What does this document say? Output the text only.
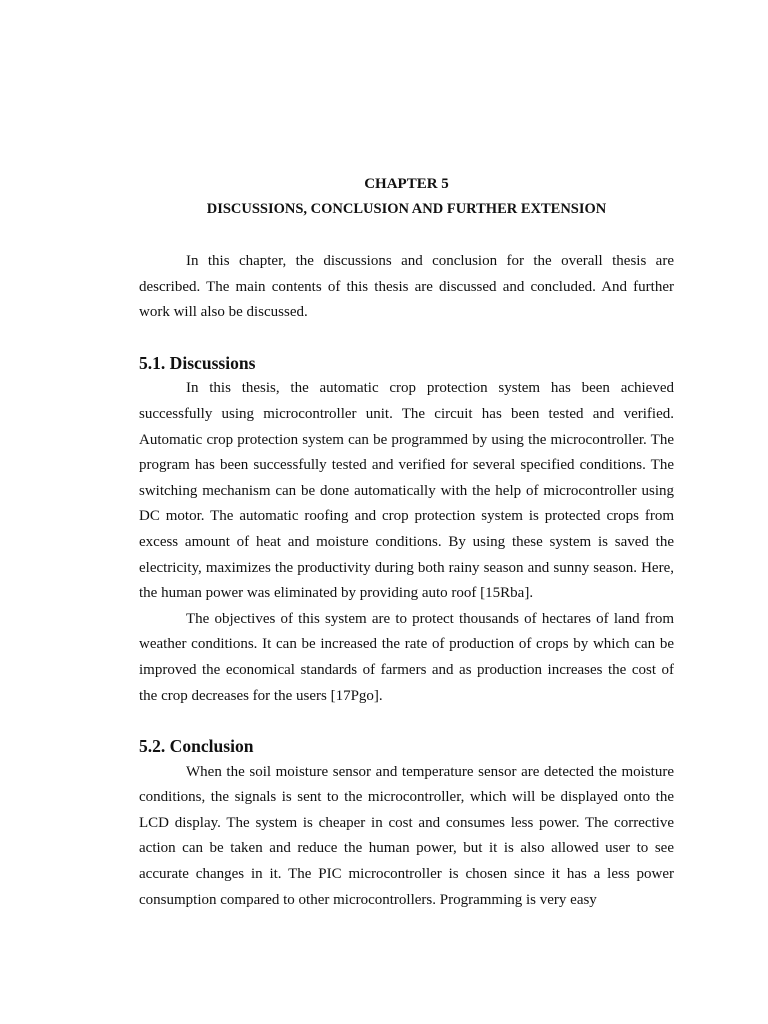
CHAPTER 5
DISCUSSIONS, CONCLUSION AND FURTHER EXTENSION

In this chapter, the discussions and conclusion for the overall thesis are described. The main contents of this thesis are discussed and concluded. And further work will also be discussed.

5.1. Discussions

In this thesis, the automatic crop protection system has been achieved successfully using microcontroller unit. The circuit has been tested and verified. Automatic crop protection system can be programmed by using the microcontroller. The program has been successfully tested and verified for several specified conditions. The switching mechanism can be done automatically with the help of microcontroller using DC motor. The automatic roofing and crop protection system is protected crops from excess amount of heat and moisture conditions. By using these system is saved the electricity, maximizes the productivity during both rainy season and sunny season. Here, the human power was eliminated by providing auto roof [15Rba].

The objectives of this system are to protect thousands of hectares of land from weather conditions. It can be increased the rate of production of crops by which can be improved the economical standards of farmers and as production increases the cost of the crop decreases for the users [17Pgo].

5.2. Conclusion

When the soil moisture sensor and temperature sensor are detected the moisture conditions, the signals is sent to the microcontroller, which will be displayed onto the LCD display. The system is cheaper in cost and consumes less power. The corrective action can be taken and reduce the human power, but it is also allowed user to see accurate changes in it. The PIC microcontroller is chosen since it has a less power consumption compared to other microcontrollers. Programming is very easy
